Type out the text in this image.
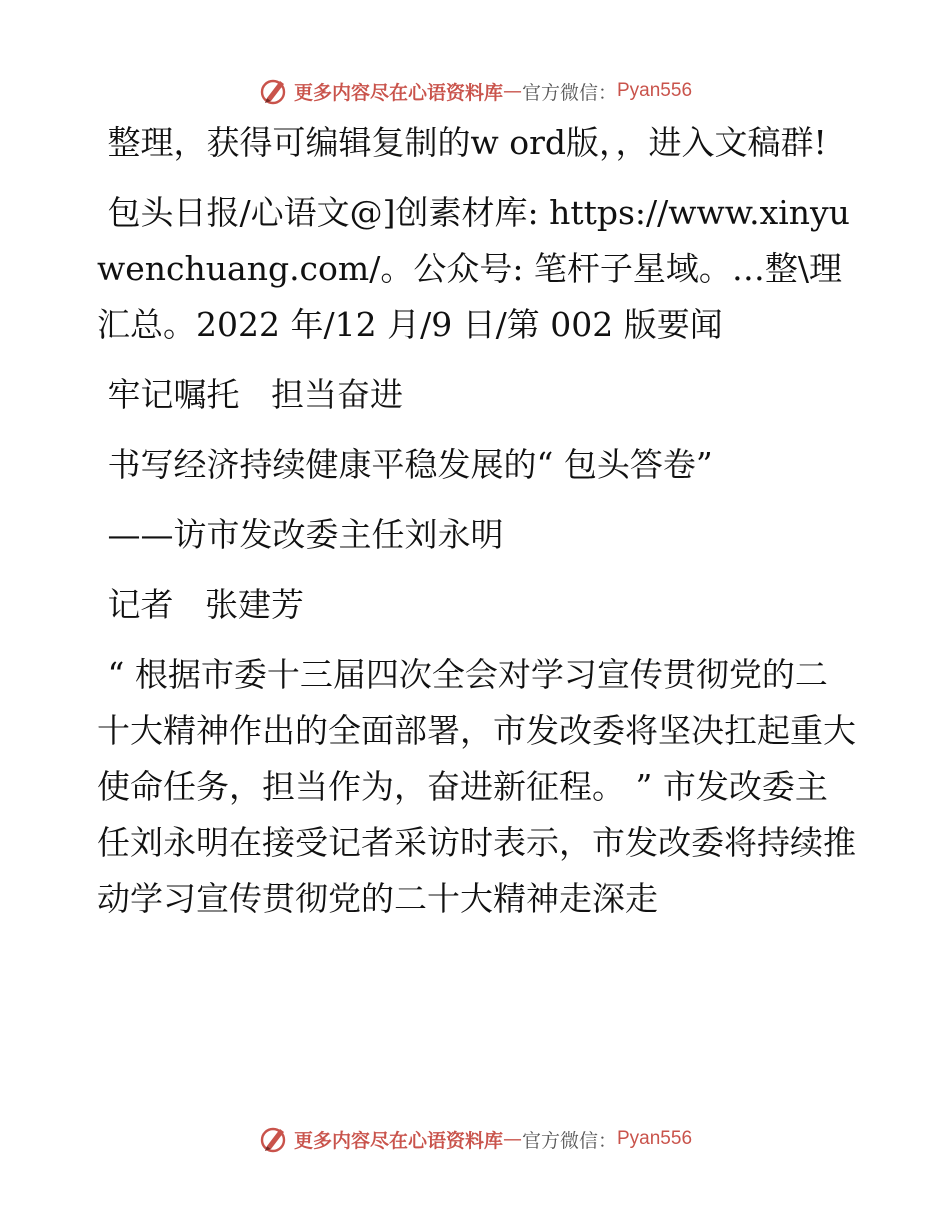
更多内容尽在心语资料库 — 官方微信： Pyan556

整理，获得可编辑复制的w ord版，，进入文稿群!

包头日报/心语文@]创素材库: https://www.xinyuwenchuang.com/。公众号: 笔杆子星域。…整\理汇总。2022 年/12 月/9 日/第 002 版要闻

牢记嘱托   担当奋进

书写经济持续健康平稳发展的“ 包头答卷”

——访市发改委主任刘永明

记者   张建芳

“ 根据市委十三届四次全会对学习宣传贯彻党的二十大精神作出的全面部署，市发改委将坚决扛起重大使命任务，担当作为，奋进新征程。 ” 市发改委主任刘永明在接受记者采访时表示，市发改委将持续推动学习宣传贯彻党的二十大精神走深走

更多内容尽在心语资料库 — 官方微信： Pyan556
